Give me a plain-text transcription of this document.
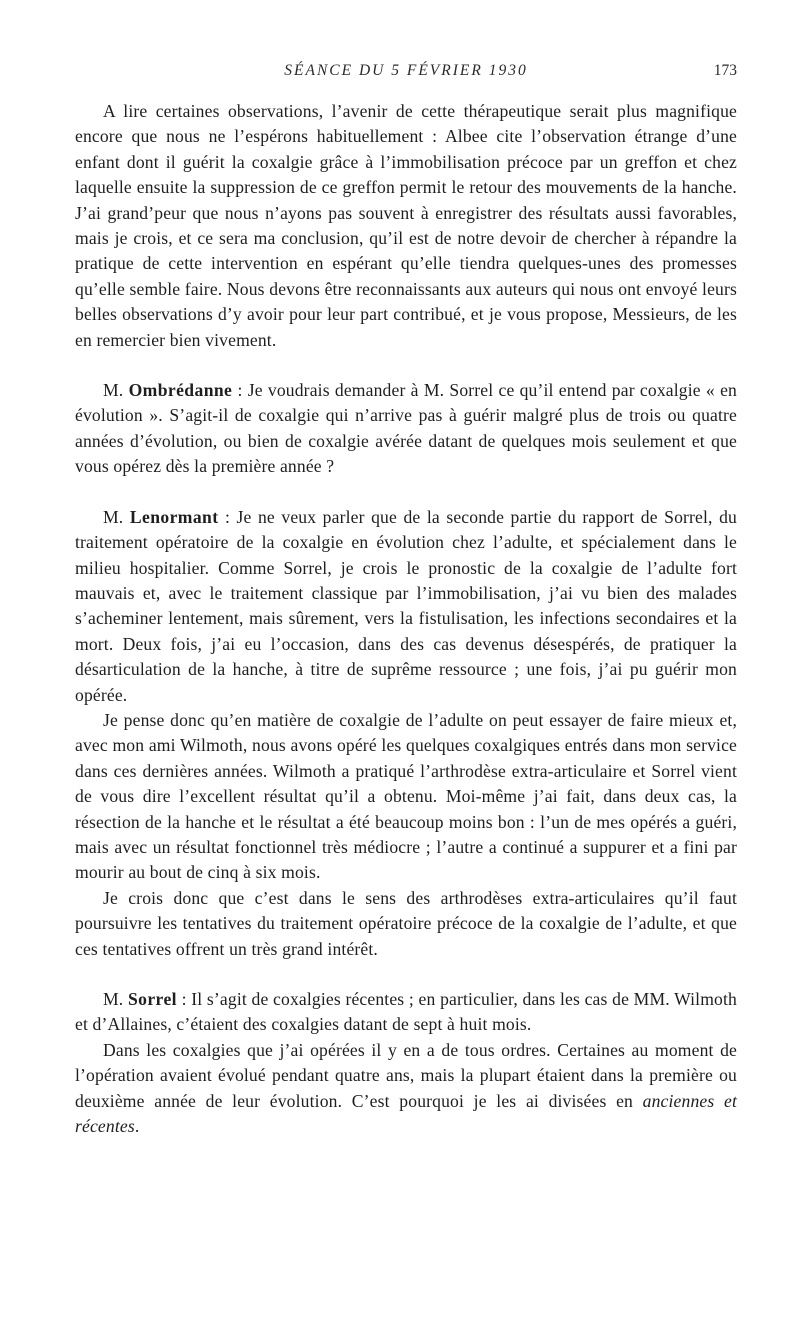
SÉANCE DU 5 FÉVRIER 1930	173

A lire certaines observations, l’avenir de cette thérapeutique serait plus magnifique encore que nous ne l’espérons habituellement : Albee cite l’observation étrange d’une enfant dont il guérit la coxalgie grâce à l’immobilisation précoce par un greffon et chez laquelle ensuite la suppression de ce greffon permit le retour des mouvements de la hanche. J’ai grand’peur que nous n’ayons pas souvent à enregistrer des résultats aussi favorables, mais je crois, et ce sera ma conclusion, qu’il est de notre devoir de chercher à répandre la pratique de cette intervention en espérant qu’elle tiendra quelques-unes des promesses qu’elle semble faire. Nous devons être reconnaissants aux auteurs qui nous ont envoyé leurs belles observations d’y avoir pour leur part contribué, et je vous propose, Messieurs, de les en remercier bien vivement.

M. Ombrédanne : Je voudrais demander à M. Sorrel ce qu’il entend par coxalgie « en évolution ». S’agit-il de coxalgie qui n’arrive pas à guérir malgré plus de trois ou quatre années d’évolution, ou bien de coxalgie avérée datant de quelques mois seulement et que vous opérez dès la première année ?

M. Lenormant : Je ne veux parler que de la seconde partie du rapport de Sorrel, du traitement opératoire de la coxalgie en évolution chez l’adulte, et spécialement dans le milieu hospitalier. Comme Sorrel, je crois le pronostic de la coxalgie de l’adulte fort mauvais et, avec le traitement classique par l’immobilisation, j’ai vu bien des malades s’acheminer lentement, mais sûrement, vers la fistulisation, les infections secondaires et la mort. Deux fois, j’ai eu l’occasion, dans des cas devenus désespérés, de pratiquer la désarticulation de la hanche, à titre de suprême ressource ; une fois, j’ai pu guérir mon opérée.

Je pense donc qu’en matière de coxalgie de l’adulte on peut essayer de faire mieux et, avec mon ami Wilmoth, nous avons opéré les quelques coxalgiques entrés dans mon service dans ces dernières années. Wilmoth a pratiqué l’arthrodèse extra-articulaire et Sorrel vient de vous dire l’excellent résultat qu’il a obtenu. Moi-même j’ai fait, dans deux cas, la résection de la hanche et le résultat a été beaucoup moins bon : l’un de mes opérés a guéri, mais avec un résultat fonctionnel très médiocre ; l’autre a continué a suppurer et a fini par mourir au bout de cinq à six mois.

Je crois donc que c’est dans le sens des arthrodèses extra-articulaires qu’il faut poursuivre les tentatives du traitement opératoire précoce de la coxalgie de l’adulte, et que ces tentatives offrent un très grand intérêt.

M. Sorrel : Il s’agit de coxalgies récentes ; en particulier, dans les cas de MM. Wilmoth et d’Allaines, c’étaient des coxalgies datant de sept à huit mois.

Dans les coxalgies que j’ai opérées il y en a de tous ordres. Certaines au moment de l’opération avaient évolué pendant quatre ans, mais la plupart étaient dans la première ou deuxième année de leur évolution. C’est pourquoi je les ai divisées en anciennes et récentes.
